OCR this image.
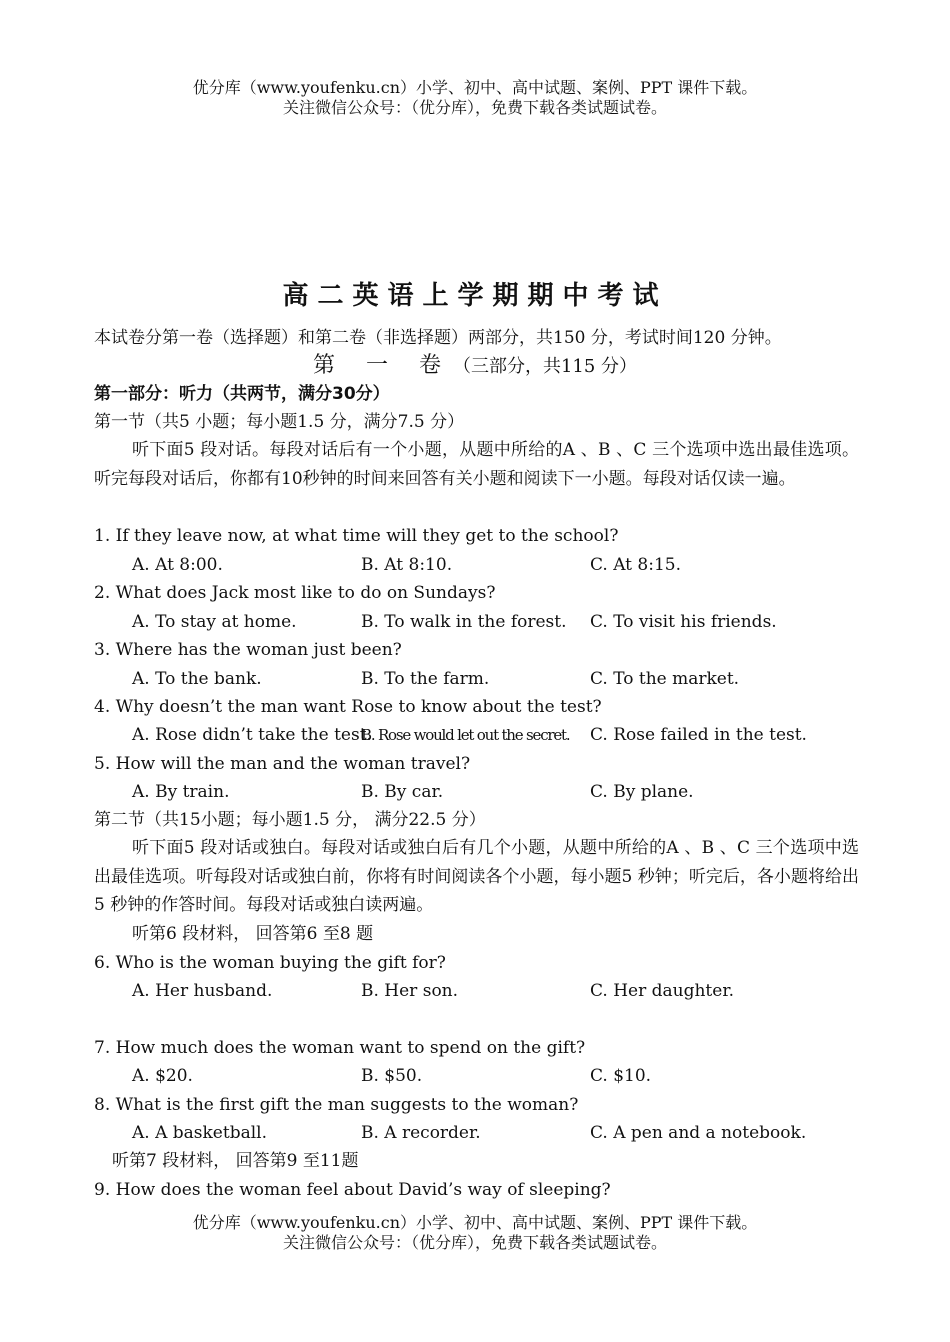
优分库（www.youfenku.cn）小学、初中、高中试题、案例、PPT 课件下载。
关注微信公众号：（优分库），免费下载各类试题试卷。
高二英语上学期期中考试
本试卷分第一卷（选择题）和第二卷（非选择题）两部分，共150 分，考试时间120 分钟。
第 一 卷（三部分，共115 分）
第一部分：听力（共两节，满分30分）
第一节（共5 小题；每小题1.5 分，满分7.5 分）

听下面5 段对话。每段对话后有一个小题，从题中所给的A 、B 、C 三个选项中选出最佳选项。听完每段对话后，你都有10秒钟的时间来回答有关小题和阅读下一小题。每段对话仅读一遍。

1. If they leave now, at what time will they get to the school?
A. At 8:00.	B. At 8:10.	C. At 8:15.
2. What does Jack most like to do on Sundays?
A. To stay at home.	B. To walk in the forest. C. To visit his friends.
3. Where has the woman just been?
A. To the bank.	B. To the farm.	C. To the market.
4. Why doesn’t the man want Rose to know about the test?
A. Rose didn’t take the test.
B. Rose would let out the secret. C. Rose failed in the test.
5. How will the man and the woman travel?
A. By train.	B. By car.	C. By plane.
第二节（共15小题；每小题1.5 分， 满分22.5 分）

听下面5 段对话或独白。每段对话或独白后有几个小题，从题中所给的A 、B 、C 三个选项中选出最佳选项。听每段对话或独白前，你将有时间阅读各个小题，每小题5 秒钟；听完后，各小题将给出5 秒钟的作答时间。每段对话或独白读两遍。

听第6 段材料， 回答第6 至8 题
6. Who is the woman buying the gift for?
A. Her husband.	B. Her son.	C. Her daughter.
7. How much does the woman want to spend on the gift?
A. $20.	B. $50.	C. $10.
8. What is the first gift the man suggests to the woman?
A. A basketball.	B. A recorder.	C. A pen and a notebook.
听第7 段材料， 回答第9 至11题
9. How does the woman feel about David’s way of sleeping?
优分库（www.youfenku.cn）小学、初中、高中试题、案例、PPT 课件下载。
关注微信公众号：（优分库），免费下载各类试题试卷。
